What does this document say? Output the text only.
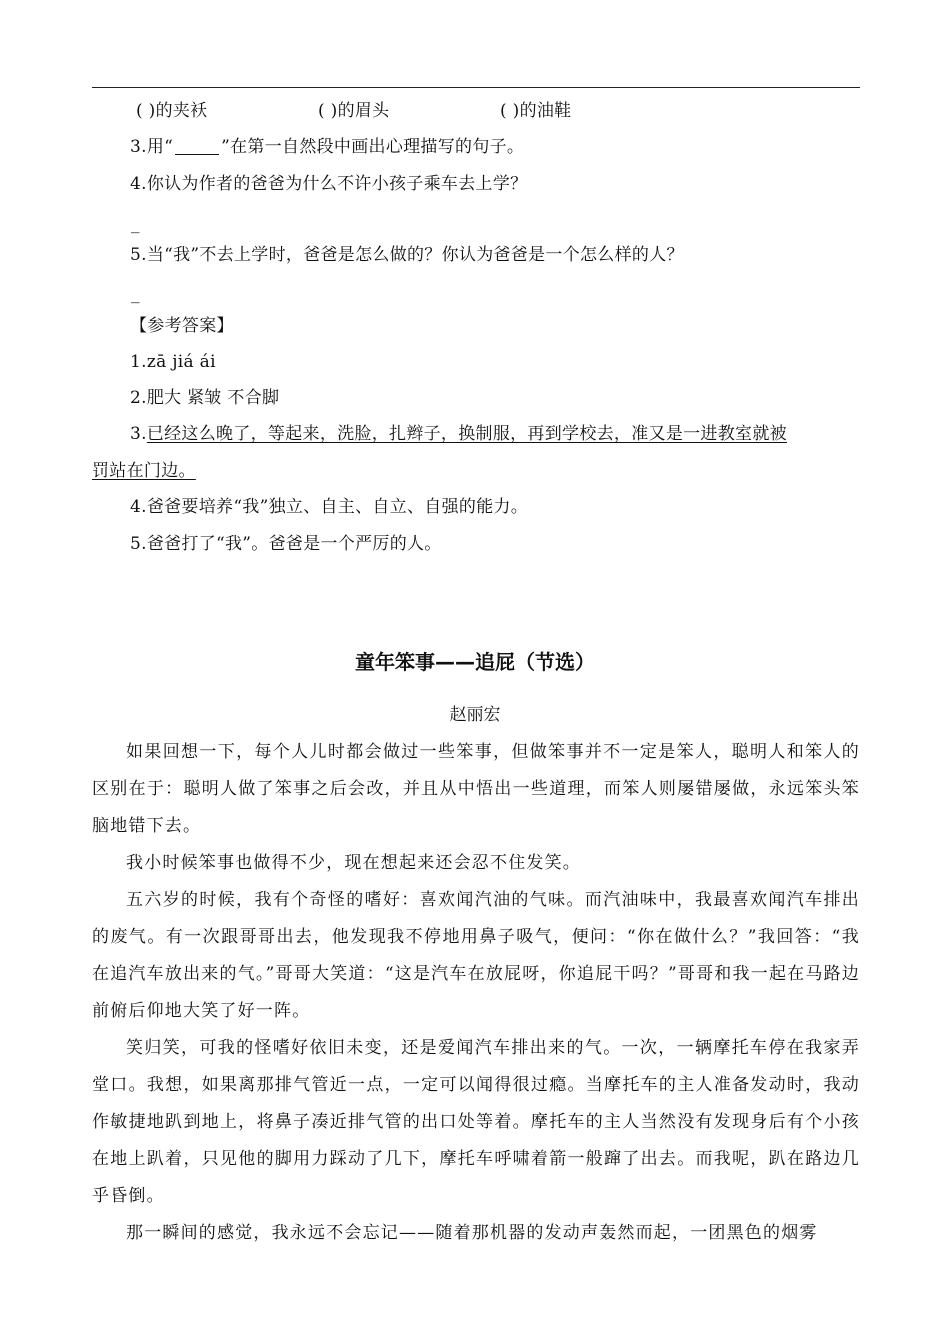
( )的夹袄	( )的眉头	( )的油鞋
3.用“	”在第一自然段中画出心理描写的句子。
4.你认为作者的爸爸为什么不许小孩子乘车去上学？
_
5.当“我”不去上学时，爸爸是怎么做的？你认为爸爸是一个怎么样的人？
_
【参考答案】
1.zā jiá ái
2.肥大 紧皱 不合脚
3.已经这么晚了，等起来，洗脸，扎辫子，换制服，再到学校去，准又是一进教室就被
罚站在门边。
4.爸爸要培养“我”独立、自主、自立、自强的能力。
5.爸爸打了“我”。爸爸是一个严厉的人。
童年笨事——追屁（节选）
赵丽宏

如果回想一下，每个人儿时都会做过一些笨事，但做笨事并不一定是笨人，聪明人和笨人的区别在于：聪明人做了笨事之后会改，并且从中悟出一些道理，而笨人则屡错屡做，永远笨头笨脑地错下去。

我小时候笨事也做得不少，现在想起来还会忍不住发笑。

五六岁的时候，我有个奇怪的嗜好：喜欢闻汽油的气味。而汽油味中，我最喜欢闻汽车排出的废气。有一次跟哥哥出去，他发现我不停地用鼻子吸气，便问：“你在做什么？”我回答：“我在追汽车放出来的气。”哥哥大笑道：“这是汽车在放屁呀，你追屁干吗？”哥哥和我一起在马路边前俯后仰地大笑了好一阵。

笑归笑，可我的怪嗜好依旧未变，还是爱闻汽车排出来的气。一次，一辆摩托车停在我家弄堂口。我想，如果离那排气管近一点，一定可以闻得很过瘾。当摩托车的主人准备发动时，我动作敏捷地趴到地上，将鼻子凑近排气管的出口处等着。摩托车的主人当然没有发现身后有个小孩在地上趴着，只见他的脚用力踩动了几下，摩托车呼啸着箭一般蹿了出去。而我呢，趴在路边几乎昏倒。

那一瞬间的感觉，我永远不会忘记——随着那机器的发动声轰然而起，一团黑色的烟雾
